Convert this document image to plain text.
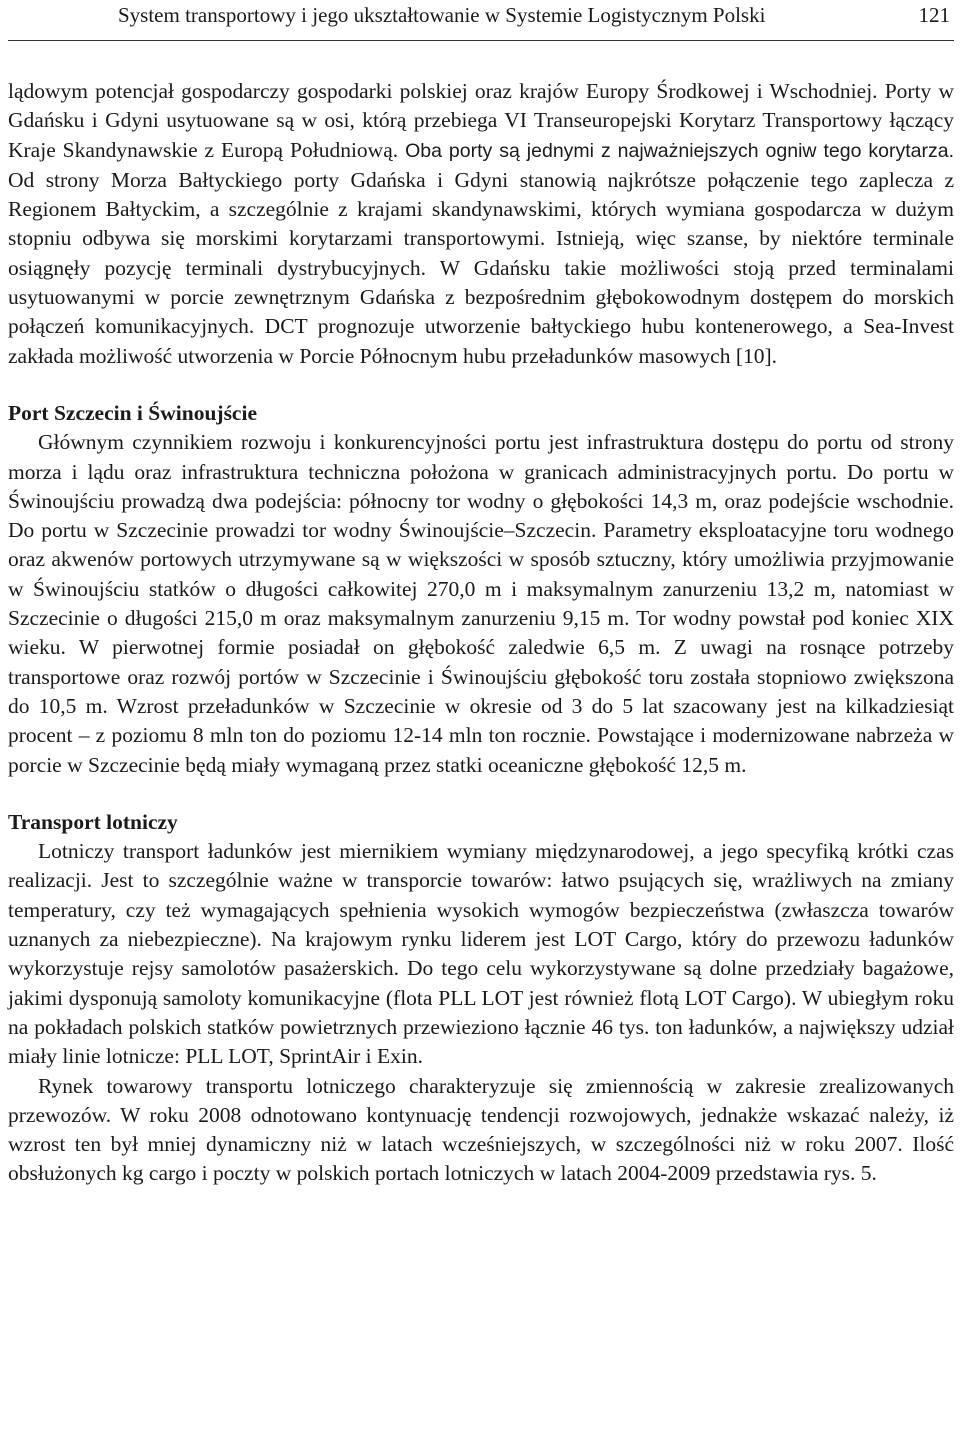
System transportowy i jego ukształtowanie w Systemie Logistycznym Polski	121

lądowym potencjał gospodarczy gospodarki polskiej oraz krajów Europy Środkowej i Wschodniej. Porty w Gdańsku i Gdyni usytuowane są w osi, którą przebiega VI Transeuropejski Korytarz Transportowy łączący Kraje Skandynawskie z Europą Południową. Oba porty są jednymi z najważniejszych ogniw tego korytarza. Od strony Morza Bałtyckiego porty Gdańska i Gdyni stanowią najkrótsze połączenie tego zaplecza z Regionem Bałtyckim, a szczególnie z krajami skandynawskimi, których wymiana gospodarcza w dużym stopniu odbywa się morskimi korytarzami transportowymi. Istnieją, więc szanse, by niektóre terminale osiągnęły pozycję terminali dystrybucyjnych. W Gdańsku takie możliwości stoją przed terminalami usytuowanymi w porcie zewnętrznym Gdańska z bezpośrednim głębokowodnym dostępem do morskich połączeń komunikacyjnych. DCT prognozuje utworzenie bałtyckiego hubu kontenerowego, a Sea-Invest zakłada możliwość utworzenia w Porcie Północnym hubu przeładunków masowych [10].

Port Szczecin i Świnoujście

Głównym czynnikiem rozwoju i konkurencyjności portu jest infrastruktura dostępu do portu od strony morza i lądu oraz infrastruktura techniczna położona w granicach administracyjnych portu. Do portu w Świnoujściu prowadzą dwa podejścia: północny tor wodny o głębokości 14,3 m, oraz podejście wschodnie. Do portu w Szczecinie prowadzi tor wodny Świnoujście–Szczecin. Parametry eksploatacyjne toru wodnego oraz akwenów portowych utrzymywane są w większości w sposób sztuczny, który umożliwia przyjmowanie w Świnoujściu statków o długości całkowitej 270,0 m i maksymalnym zanurzeniu 13,2 m, natomiast w Szczecinie o długości 215,0 m oraz maksymalnym zanurzeniu 9,15 m. Tor wodny powstał pod koniec XIX wieku. W pierwotnej formie posiadał on głębokość zaledwie 6,5 m. Z uwagi na rosnące potrzeby transportowe oraz rozwój portów w Szczecinie i Świnoujściu głębokość toru została stopniowo zwiększona do 10,5 m. Wzrost przeładunków w Szczecinie w okresie od 3 do 5 lat szacowany jest na kilkadziesiąt procent – z poziomu 8 mln ton do poziomu 12-14 mln ton rocznie. Powstające i modernizowane nabrzeża w porcie w Szczecinie będą miały wymaganą przez statki oceaniczne głębokość 12,5 m.

Transport lotniczy

Lotniczy transport ładunków jest miernikiem wymiany międzynarodowej, a jego specyfiką krótki czas realizacji. Jest to szczególnie ważne w transporcie towarów: łatwo psujących się, wrażliwych na zmiany temperatury, czy też wymagających spełnienia wysokich wymogów bezpieczeństwa (zwłaszcza towarów uznanych za niebezpieczne). Na krajowym rynku liderem jest LOT Cargo, który do przewozu ładunków wykorzystuje rejsy samolotów pasażerskich. Do tego celu wykorzystywane są dolne przedziały bagażowe, jakimi dysponują samoloty komunikacyjne (flota PLL LOT jest również flotą LOT Cargo). W ubiegłym roku na pokładach polskich statków powietrznych przewieziono łącznie 46 tys. ton ładunków, a największy udział miały linie lotnicze: PLL LOT, SprintAir i Exin.

Rynek towarowy transportu lotniczego charakteryzuje się zmiennością w zakresie zrealizowanych przewozów. W roku 2008 odnotowano kontynuację tendencji rozwojowych, jednakże wskazać należy, iż wzrost ten był mniej dynamiczny niż w latach wcześniejszych, w szczególności niż w roku 2007. Ilość obsłużonych kg cargo i poczty w polskich portach lotniczych w latach 2004-2009 przedstawia rys. 5.
